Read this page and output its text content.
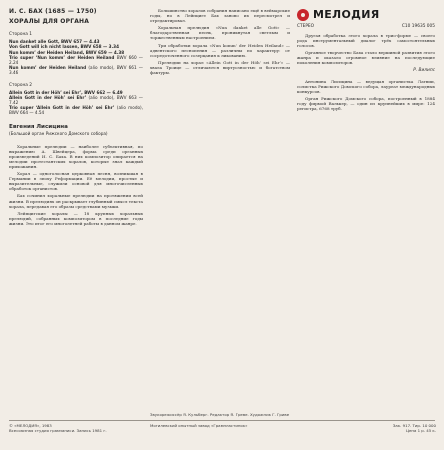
И. С. БАХ (1685 — 1750)
ХОРАЛЫ ДЛЯ ОРГАНА
Сторона 1
Nun danket alle Gott, BWV 657 — 4.43
Von Gott will ich nicht lassen, BWV 658 — 3.34
Nun komm’ der Heiden Heiland, BWV 659 — 4.38
Trio super ‘Nun komm’ der Heiden Heiland BWV 660 — 2.24
Nun komm’ der Heiden Heiland (alio modo), BWV 661 — 3.46
Сторона 2
Allein Gott in der Höh’ sei Ehr’, BWV 662 — 6.49
Allein Gott in der Höh’ sei Ehr’ (alio modo), BWV 663 — 7.42
Trio super ‘Allein Gott in der Höh’ sei Ehr’ (alio modo), BWV 664 — 4.54
Евгения Лисицина
(Большой орган Рижского Домского собора)

Хоральные прелюдии — наиболее субъективная, по выражению А. Швейцера, форма среди органных произведений И. С. Баха. В них композитор опирается на мелодии протестантских хоралов, которые знал каждый прихожанин.

Хорал — одноголосная церковная песня, возникшая в Германии в эпоху Реформации. Её мелодии, простые и выразительные, служили основой для многочисленных обработок органистов.

Бах сочинил хоральные прелюдии на протяжении всей жизни. В прелюдиях он раскрывает глубинный смысл текста хорала, передавая его образы средствами музыки.

Лейпцигские хоралы — 18 крупных хоральных прелюдий, собранных композитором в последние годы жизни. Это итог его многолетней работы в данном жанре.

Большинство хоралов собрания написано ещё в веймарские годы, но в Лейпциге Бах заново их пересмотрел и отредактировал.

Хоральная прелюдия «Nun danket alle Gott» — благодарственная песнь, проникнутая светлым и торжественным настроением.

Три обработки хорала «Nun komm’ der Heiden Heiland» — адвентского песнопения — различны по характеру: от сосредоточенного созерцания к ликованию.

Прелюдии на хорал «Allein Gott in der Höh’ sei Ehr’» — хвала Троице — отличаются виртуозностью и богатством фактуры.

МЕЛОДИЯ
СТЕРЕО	С10 19635 005

Другая обработка этого хорала в трио-форме — своего рода инструментальный диалог трёх самостоятельных голосов.

Органное творчество Баха стало вершиной развития этого жанра и оказало огромное влияние на последующие поколения композиторов.

Р. Вилипс

Антонина Лисицина — ведущая органистка Латвии, солистка Рижского Домского собора, лауреат международных конкурсов.

Орган Рижского Домского собора, построенный в 1884 году фирмой Валькер, — один из крупнейших в мире: 124 регистра, 6768 труб.

Звукорежиссёр Я. Кульберг. Редактор Я. Греве. Художник Г. Гриве
© «МЕЛОДИЯ», 1983
Всесоюзная студия грамзаписи. Запись 1981 г.
Могилевский опытный завод «Грампластинок»	Зак. 917. Тир. 10 000
Цена 1 р. 45 к.
